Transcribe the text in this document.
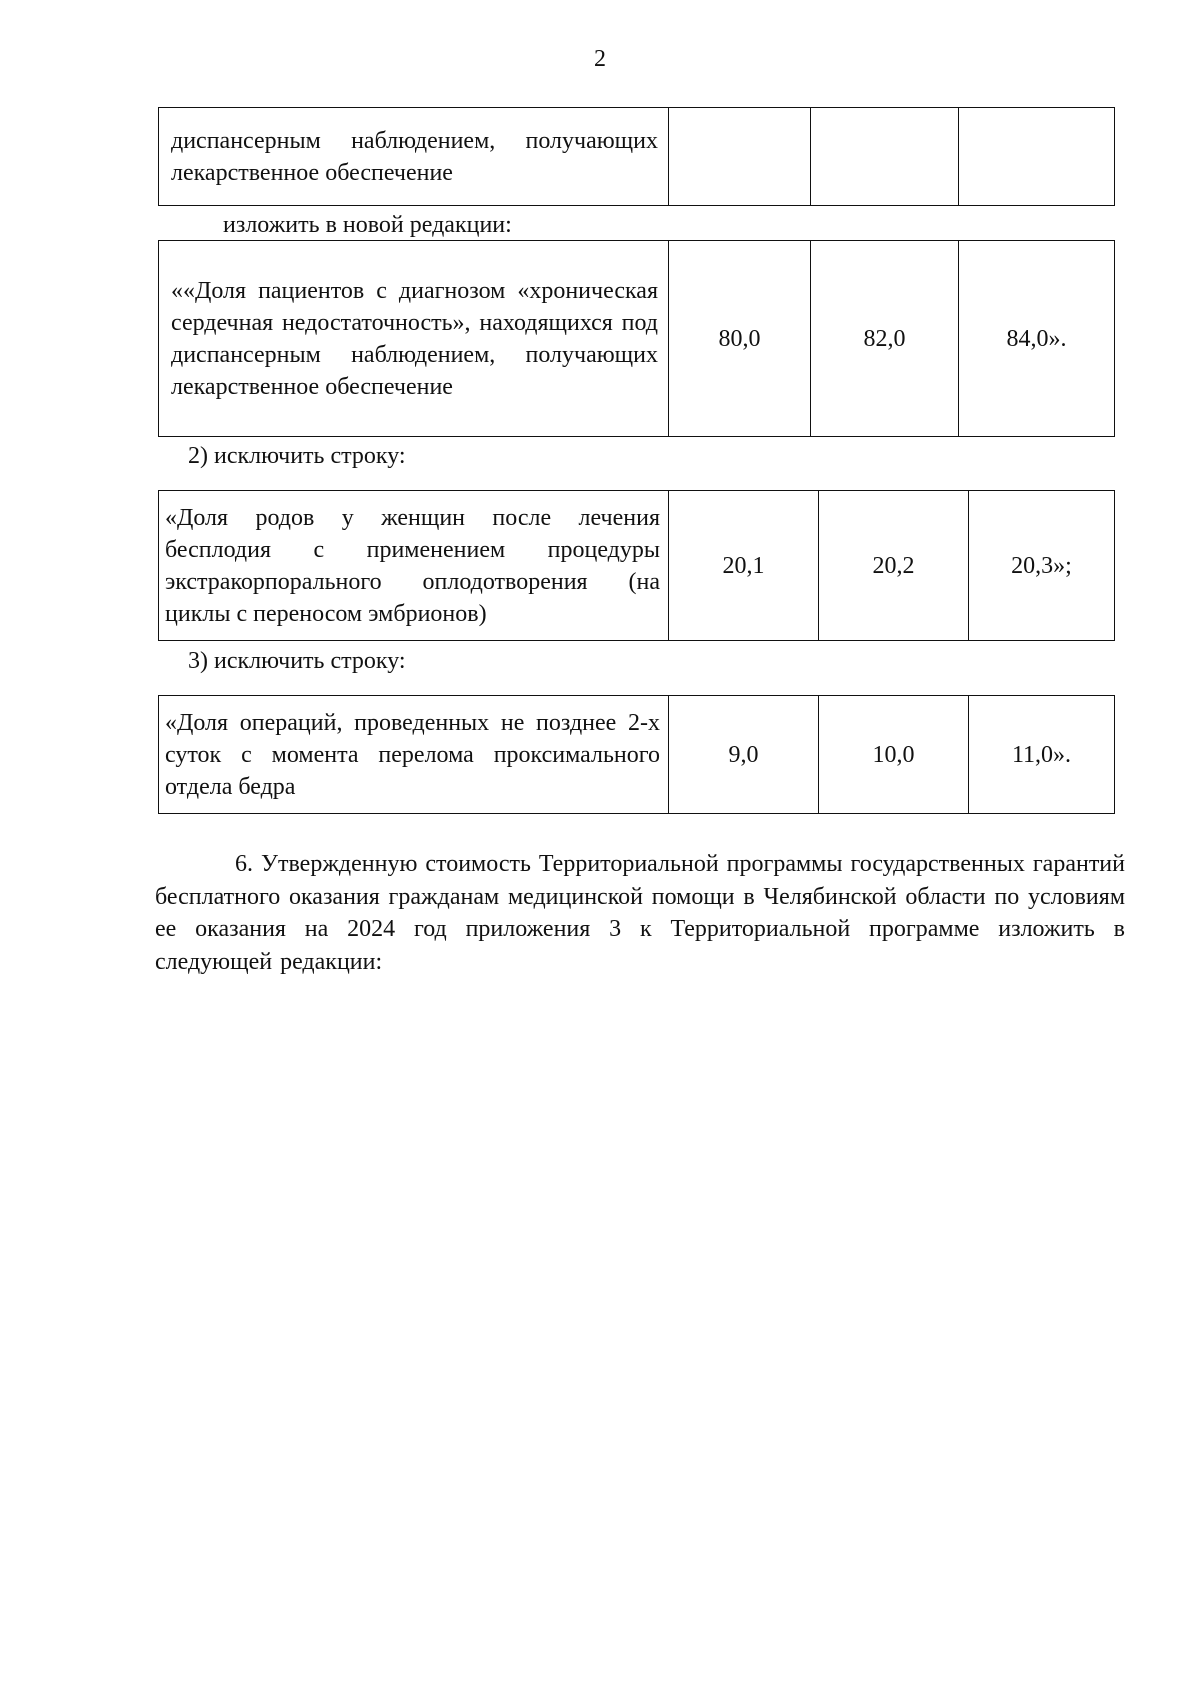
2
диспансерным наблюдением, получающих лекарственное обеспечение			
изложить в новой редакции:
««Доля пациентов с диагнозом «хроническая сердечная недостаточность», находящихся под диспансерным наблюдением, получающих лекарственное обеспечение	80,0	82,0	84,0».
2) исключить строку:
«Доля родов у женщин после лечения бесплодия с применением процедуры экстракорпорального оплодотворения (на циклы с переносом эмбрионов)	20,1	20,2	20,3»;
3) исключить строку:
«Доля операций, проведенных не позднее 2-х суток с момента перелома проксимального отдела бедра	9,0	10,0	11,0».
6. Утвержденную стоимость Территориальной программы государственных гарантий бесплатного оказания гражданам медицинской помощи в Челябинской области по условиям ее оказания на 2024 год приложения 3 к Территориальной программе изложить в следующей редакции:
